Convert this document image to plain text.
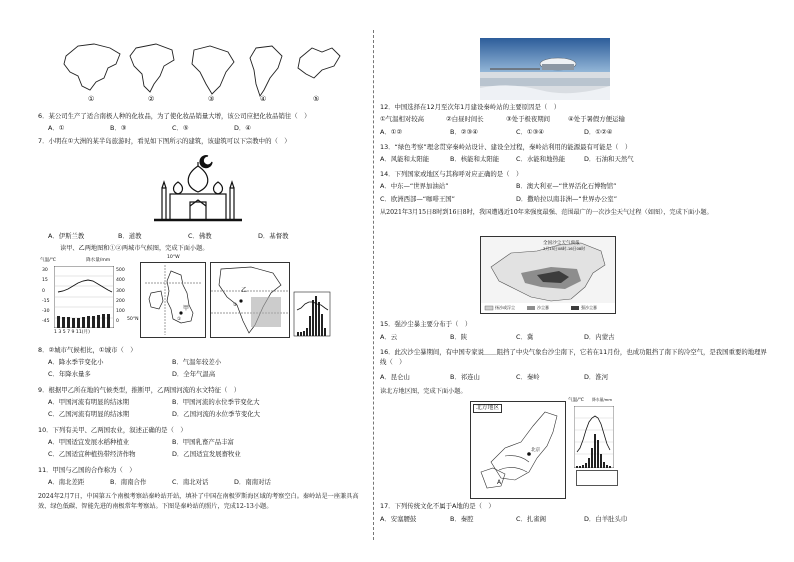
①	②	③	④	⑤
6．某公司生产了适合南极人种的化妆品，为了使化妆品销量大增，该公司应把化妆品销往（　）
A．①	B．③	C．⑤	D．④
7．小明在①大洲的某半岛旅游时，看见如下图所示的建筑，该建筑可以下宗教中的（　）
A．伊斯兰教	B．道教	C．佛教	D．基督教
读甲、乙两地图和①②两城市气候图，完成下面小题。
气温/℃	降水量/mm
30
15
0
-15
-30
-45
500
400
300
200
100
0
1 3 5 7 9 11(月)
10°W
50°N
甲
①
乙
②
8．②城市气候相比，①城市（　）
A．降水季节变化小	B．气温年较差小
C．年降水量多	D．全年气温高
9．根据甲乙所在地的气候类型，推断甲，乙两国河流的水文特征（　）
A．甲国河流有明显的结冰期	B．甲国河流的水位季节变化大
C．乙国河流有明显的结冰期	D．乙国河流的水位季节变化大
10．下列有关甲、乙两国农业，叙述正确的是（　）
A．甲国适宜发展水稻种植业	B．甲国乳畜产品丰富
C．乙国适宜种植热带经济作物	D．乙国适宜发展畜牧业
11．甲国与乙国的合作称为（　）
A．南北差距	B．南南合作	C．南北对话	D．南南对话
2024年2月7日，中国第五个南极考察站秦岭站开站，填补了中国在南极罗斯海区域的考察空白。秦岭站是一座兼具高效、绿色低碳、智能先进的南极常年考察站。下图是秦岭站的照片，完成12-13小题。
12．中国选择在12月至次年1月建设秦岭站的主要原因是（　）
①气温相对较高	②白昼时间长	③处于极夜期间	④处于暑假方便运输
A．①②	B．②③④	C．①③④	D．①②④
13．“绿色考察”理念贯穿秦岭站设计、建设全过程，秦岭站利用的能源最有可能是（　）
A．风能和太阳能	B．核能和太阳能	C．水能和地热能	D．石油和天然气
14．下列国家或地区与其称呼对应正确的是（　）
A．中东—“世界加油站”	B．澳大利亚—“世界活化石博物馆”
C．欧洲西部—“咖啡王国”	D．撒哈拉以南非洲—“世界办公室”
从2021年3月15日8时到16日8时，我国遭遇近10年来强度最强、范围最广的一次沙尘天气过程（如图），完成下面小题。
全国沙尘天气预报
3月15日08时-16日08时
扬沙或浮尘	沙尘暴	强沙尘暴
15．强沙尘暴主要分布于（　）
A．云	B．陕	C．冀	D．内蒙古
16．此次沙尘暴期间，有中国专家说＿＿阻挡了中央气象台沙尘南下，它若在11月份，也成功阻挡了南下的冷空气，是我国重要的地理界线（　）
A．昆仑山	B．祁连山	C．秦岭	D．淮河
读北方地区图，完成下面小题。
A
北方地区
北京
气温/℃ 降水量/mm
17．下列传统文化不属于A地的是（　）
A．安塞腰鼓	B．秦腔	C．扎雀阁	D．白羊肚头巾
